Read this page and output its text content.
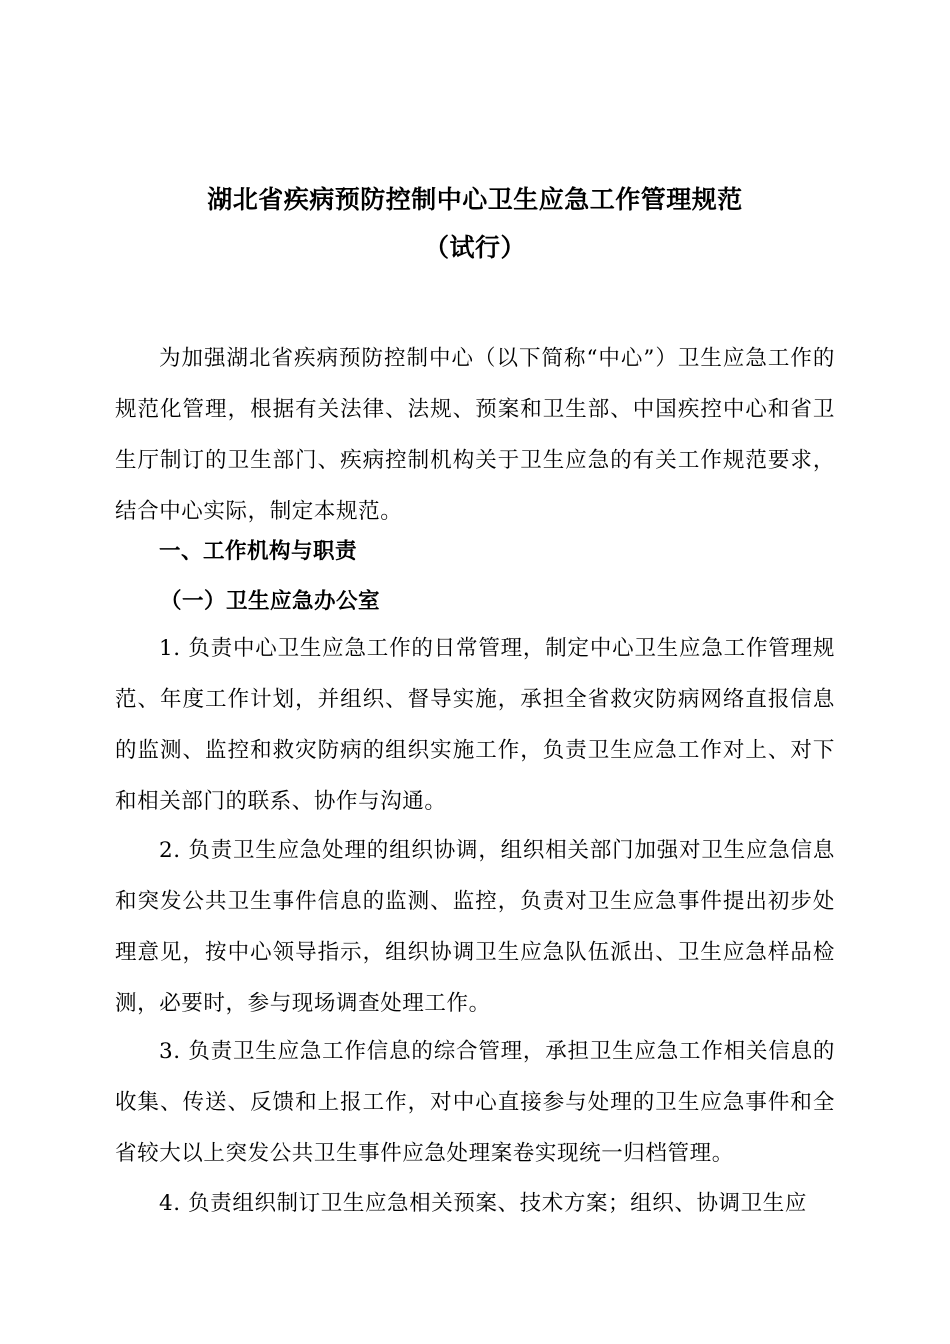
湖北省疾病预防控制中心卫生应急工作管理规范
（试行）

为加强湖北省疾病预防控制中心（以下简称“中心”）卫生应急工作的规范化管理，根据有关法律、法规、预案和卫生部、中国疾控中心和省卫生厅制订的卫生部门、疾病控制机构关于卫生应急的有关工作规范要求，结合中心实际，制定本规范。

一、工作机构与职责
（一）卫生应急办公室

1. 负责中心卫生应急工作的日常管理，制定中心卫生应急工作管理规范、年度工作计划，并组织、督导实施，承担全省救灾防病网络直报信息的监测、监控和救灾防病的组织实施工作，负责卫生应急工作对上、对下和相关部门的联系、协作与沟通。

2. 负责卫生应急处理的组织协调，组织相关部门加强对卫生应急信息和突发公共卫生事件信息的监测、监控，负责对卫生应急事件提出初步处理意见，按中心领导指示，组织协调卫生应急队伍派出、卫生应急样品检测，必要时，参与现场调查处理工作。

3. 负责卫生应急工作信息的综合管理，承担卫生应急工作相关信息的收集、传送、反馈和上报工作，对中心直接参与处理的卫生应急事件和全省较大以上突发公共卫生事件应急处理案卷实现统一归档管理。

4. 负责组织制订卫生应急相关预案、技术方案；组织、协调卫生应
